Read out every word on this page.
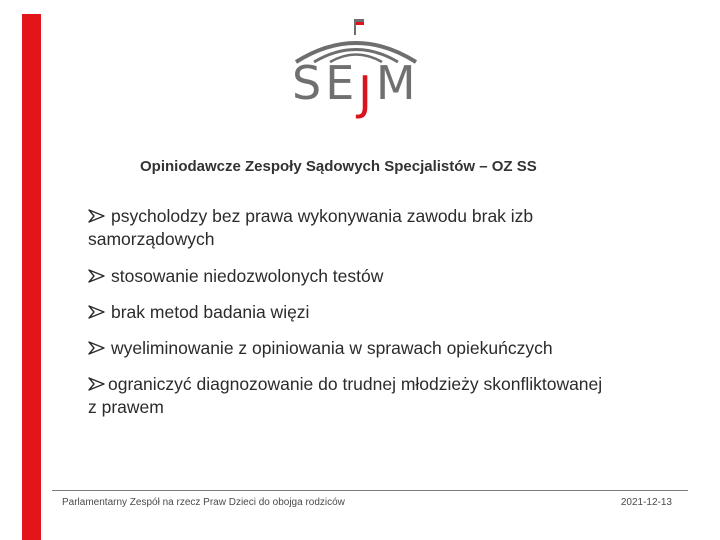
S E J M
Opiniodawcze Zespoły Sądowych Specjalistów – OZ SS
psycholodzy bez prawa wykonywania zawodu brak izb
samorządowych
stosowanie niedozwolonych testów
brak metod badania więzi
wyeliminowanie z opiniowania w sprawach opiekuńczych
ograniczyć diagnozowanie do trudnej młodzieży skonfliktowanej
z prawem
Parlamentarny Zespół na rzecz Praw Dzieci do obojga rodziców	2021-12-13
